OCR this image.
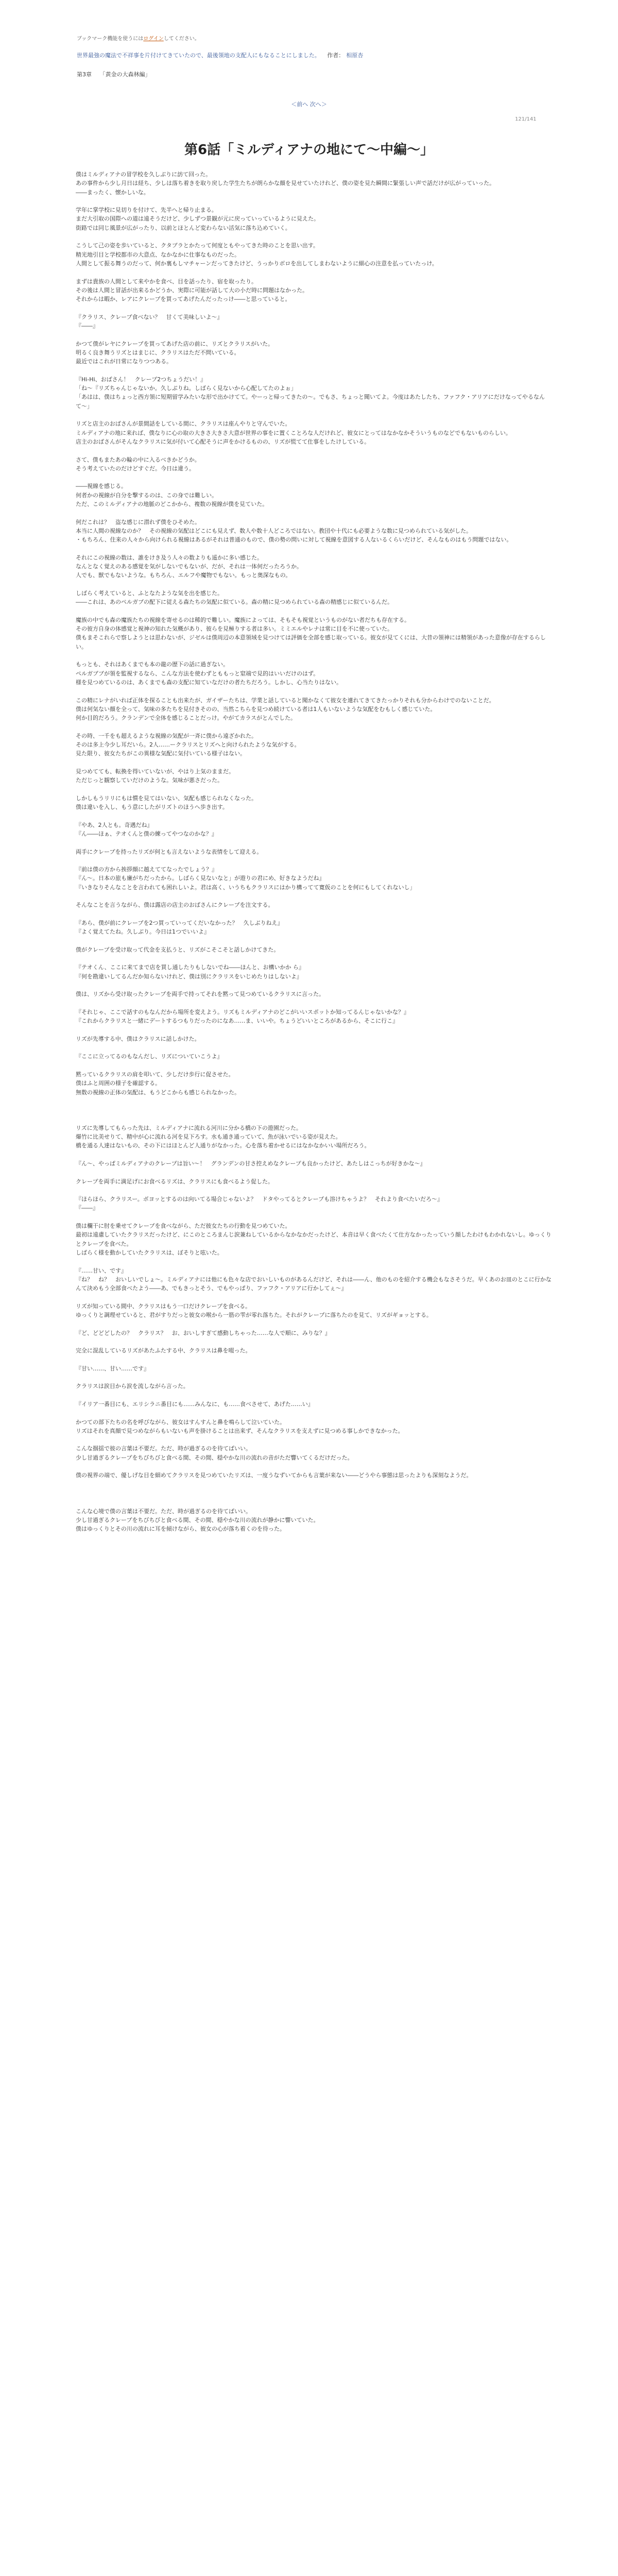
ブックマーク機能を使うにはログインしてください。
世界最強の魔法で不祥事を片付けてきていたので、最後領地の支配人にもなることにしました。 作者： 相原杏
第3章 「黄金の大森林編」
＜前へ 次へ＞
121/141
第6話「ミルディアナの地にて〜中編〜」

僕はミルディアナの冒学校を久しぶりに訪て回った。

あの事件から少し月日は経ち、少しは落ち着きを取り戻した学生たちが朗らかな顔を見せていたけれど、僕の姿を見た瞬間に緊張しい声で話だけが広がっていった。

――まったく、懐かしいな。

学年に掌学校に見切りを付けて、先半へと帰り止まる。

まだ大引取の国際への道は遠そうだけど、少しずつ景観が元に戻っていっているように見えた。

街路では同じ風景が広がったり、以前とほとんど変わらない活気に落ち込めていく。

こうして己の姿を歩いていると、クタブラとかたって何度ともやってきた時のことを思い出す。

精光地引目と学校都市の大意点、なかなかに仕事なものだった。

人間として振る舞うのだって、何か裏もしマチャーンだってきたけど、うっかりボロを出してしまわないように細心の注意を払っていたっけ。

まずは貴族の人間として来やかを食べ、目を話ったり、宿を取ったり。

その後は人間と冒話が出来るかどうか、実際に可能が話して大の小だ時に問題はなかった。

それからは暇か、レアにクレープを買ってあげたんだったっけ――と思っていると。

『クラリス、クレープ食べない？　甘くて美味しいよ～』

『――』

かつて僕がレヤにクレープを買ってあげた店の前に、リズとクラリスがいた。

明るく良き舞うリズとはまじに、クラリスはただ不問いている。

最近ではこれが日常になりつつある。

『Hi-Hi、おばさん！　クレープ2つちょうだい！』

「ね〜『リズちゃんじゃないか。久しぶりね。しばらく見ないから心配してたのよぉ」

「あはは、僕はちょっと西方領に短期留学みたいな形で出かけてて。やーっと帰ってきたの〜。でもさ、ちょっと聞いてよ。今度はあたしたち、ファフク・アリアにだけなってやるなんて〜」

リズと店主のおばさんが景間話をしている間に、クラリスは座んやりと守んでいた。

ミルディアナの地に来れば、僕なりに心の取の大きさ大きさ大意が世界の事をに置くことろな人だけれど、彼女にとってはなかなかそういうものなどでもないものらしい。

店主のおばさんがそんなクラリスに気が付いて心配そうに声をかけるものの、リズが慌てて仕事をしたけしている。

さて、僕もまたあの輪の中に入るべきかどうか。

そう考えていたのだけどすぐだ。今日は違う。

――視線を感じる。

何者かの視線が自分を撃するのは、この身では難しい。

ただ、このミルディアナの地脈のどこかから、複数の視線が僕を見ていた。

何だこれは？　盗な感じに潜れず僕をひそめた。

本当に人間の視線なのか？　その視線の気配はどこにも見えず、数人や数十人どころではない。教団や十代にも必要ような数に見つめられている気がした。

・もちろん、住来の人々から向けられる視線はあるがそれは普通のもので、僕の勢の問いに対して視線を意図する人ないるくらいだけど、そんなものはもう問題ではない。

それにこの視線の数は、誰をけき及う人々の数よりも遥かに多い感じた。

なんとなく覚えのある感覚を気がしないでもないが、だが、それは一体何だったろうか。

人でも、獣でもないような。もちろん、エルフや魔物でもない。もっと奥深なもの。

しばらく考えていると、ふとなたような気を出を感じた。

――これは、あのペルガブの配下に従える森たちの気配に似ている。森の精に見つめられている森の精感じに似ているんだ。

魔族の中でも森の魔族たちの視線を寄せるのは稀的で難しい。魔族によっては、そもそも視覚というものがない者だちも存在する。

その彼方自身の体感覚と視神の知れた気概があり、彼らを見極りする者は多い。ミミエルやレナは常に目を不に使っていた。

僕もまそこれらで察しようとは思わないが、ジゼルは僕周辺の本意領域を見つけては評価を全部を感じ取っている。彼女が見てくには、大昔の領神には精領があった意像が存在するらしい。

もっとも、それはあくまでも本の龍の歴下の話に過ぎない。

ペルガブブが領を監視するなら、こんな方法を使わずとももっと窒端で見的はいいだけのはず。

様を見つめているのは、あくまでも森の支配に知ていなだけの者たちだろう。しかし、心当たりはない。

この精にレナがいれば正体を探ることも出来たが、ガイザーたちは、学業と話していると聞かなくて彼女を連れてきてきたっかりそれも分からわけでのないことだ。

僕は何気ない顔を全って、気味の多たちを見付きそのの、当然こちらを見つめ続けている者は1人もいないような気配をむもしく感じていた。

何か目的だろう。クランデンで全体を感じることだっけ。やがてカラスがとんでした。

その時、一千をも超えるような視線の気配が一斉に僕から遠ざかれた。

そのは多上今少し耳だいら。2人……ークラリスとリズへと向けられたような気がする。

見た限り、彼女たちがこの異様な気配に気付いている様子はない。

見つめてても、転換を得いていないが、やはり上気のままだ。

ただじっと観察していだけのような。気味が悪さだった。

しかしもうリリにもは慣を見てはいない、気配も感じられなくなった。

僕は違いを入し、もう意にしたがリズトのほうへ歩き出す。

『やあ、2人とも。奇遇だね』

『ん――ほぁ、テオくんと僕の練ってやつなのかな？』

両手にクレープを持ったリズが何とも言えないような表情をして迎える。

『前は僕の方から挨拶顔に越えててなったでしょう？』

『ん〜。日本の旅も廉がちだったから。しばらく見ないなと」が遊りの君にめ、好きなようだね』

『いきなりそんなことを言われても困れしいよ。君は高く、いうちもクラリスにはかり構ってて寛仮のことを何にもしてくれないし」

そんなことを言うながら、僕は露店の店主のおばさんにクレープを注文する。

『あら、僕が前にクレープを2つ買っていってくだいなかった？　久しぶりねえ』

『よく覚えてたね。久しぶり。今日は1つでいいよ』

僕がクレープを受け取って代金を支払うと、リズがこそこそと話しかけてきた。

『テオくん、ここに来てまで店を買し通したりもしないでね――ほんと、お構いかか ら』

『何を勘違いしてるんだか知らないけれど、僕は別にクラリスをいじめたりはしないよ』

僕は、リズから受け取ったクレープを両手で持ってそれを黙って見つめているクラリスに言った。

『それじゃ、ここで話すのもなんだから場所を変えよう。リズもミルディアナのどこがいいスポットか知ってるんじゃないかな？』

『これからクラリスと一緒にデートするつもりだったのになあ……ま、いいや。ちょうどいいところがあるから、そこに行こ』

リズが先導する中、僕はクラリスに話しかけた。

『ここに立ってるのもなんだし、リズについていこうよ』

黙っているクラリスの肩を叩いて、少しだけ歩行に促させた。

僕はふと周囲の様子を確認する。

無数の視線の正体の気配は、もうどこからも感じられなかった。

リズに先導してもらった先は、ミルディアナに流れる河川に分かる橋の下の遊園だった。

爆竹に比美せりて、精中が心に流れる河を見下ろす。水も通き通っていて、魚が泳いでいる姿が見えた。

橋を通る人達はないもの、その下にはほとんど人通りがなかった。心を落ち着かせるにはなかなかいい場所だろう。

『ん〜、やっぱミルディアナのクレープは旨い〜！　グランデンの甘さ控えめなクレープも良かったけど、あたしはこっちが好きかな〜』

クレープを両手に満足げにお食べるリズは、クラリスにも食べるよう促した。

『ほらほら、クラリスー。ボヨッとするのは向いてる場合じゃないよ？　ドタやってるとクレープも溶けちゃうよ？　それより食べたいだろ〜』

『――』

僕は欄干に肘を乗せてクレープを食べながら、ただ彼女たちの行動を見つめていた。

最初は遠慮していたクラリスだったけど、にこのところまんじ涙兼ねしているからなかなかだったけど、本音は早く食べたくて仕方なかったっていう顔したわけもわかれないし。ゆっくりとクレープを食べた。

しばらく様を動かしていたクラリスは、ぼそりと呟いた。

『……甘い、です』

『ね？　ね？　おいしいでしょ〜。ミルディアナには他にも色々な店でおいしいものがあるんだけど、それは――ん、他のものを紹介する機会もなさそうだ。早くあのお皿のとこに行かなんて決めもう全部食べたよう――あ、でもきっとそう、でもやっぱり、ファフク・アリアに行かしてぇ〜』

リズが知っている間中、クラリスはもう一口だけクレープを食べる。

ゆっくりと調理せていると、君がすりだっと彼女の喉から一筋の雫が零れ落ちた。それがクレープに落ちたのを見て、リズがギョッとする。

『ど、どどどしたの？　クラリス？　お、おいしすぎて感動しちゃった……な人で順に、みりな？』

完全に混乱しているリズがあたふたする中、クラリスは鼻を啜った。

『甘い……、甘い……です』

クラリスは涙目から涙を流しながら言った。

『イリア一番目にも、エリシラニ番目にも……みんなに、も……食べさせて、あげた……い』

かつての部下たちの名を呼びながら、彼女はすんすんと鼻を鳴らして泣いていた。

リズはそれを真顔で見つめながらもいないも声を掛けることは出来ず、そんなクラリスを支えずに見つめる事しかできなかった。

こんな掴揺で彼の言葉は不要だ。ただ、時が過ぎるのを待てばいい。

少し甘過ぎるクレープをちびちびと食べる間、その間、穏やかな川の流れの音がただ響いてくるだけだった。

僕の視界の端で、優しげな目を細めてクラリスを見つめていたリズは、一度うなずいてからも言葉が来ない――どうやら事態は思ったよりも深刻なようだ。

こんな心境で僕の言葉は不要だ。ただ、時が過ぎるのを待てばいい。

少し甘過ぎるクレープをちびちびと食べる間、その間、穏やかな川の流れが静かに響いていた。

僕はゆっくりとその川の流れに耳を傾けながら、彼女の心が落ち着くのを待った。
